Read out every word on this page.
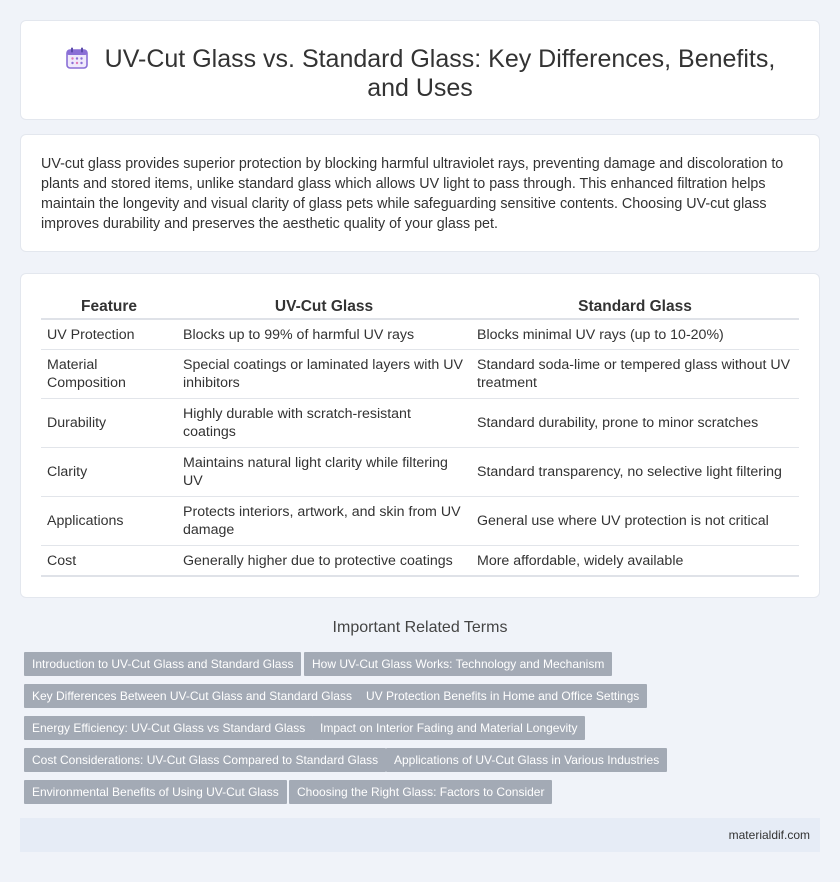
UV-Cut Glass vs. Standard Glass: Key Differences, Benefits, and Uses

UV-cut glass provides superior protection by blocking harmful ultraviolet rays, preventing damage and discoloration to plants and stored items, unlike standard glass which allows UV light to pass through. This enhanced filtration helps maintain the longevity and visual clarity of glass pets while safeguarding sensitive contents. Choosing UV-cut glass improves durability and preserves the aesthetic quality of your glass pet.

Feature	UV-Cut Glass	Standard Glass
UV Protection	Blocks up to 99% of harmful UV rays	Blocks minimal UV rays (up to 10-20%)
Material Composition	Special coatings or laminated layers with UV inhibitors	Standard soda-lime or tempered glass without UV treatment
Durability	Highly durable with scratch-resistant coatings	Standard durability, prone to minor scratches
Clarity	Maintains natural light clarity while filtering UV	Standard transparency, no selective light filtering
Applications	Protects interiors, artwork, and skin from UV damage	General use where UV protection is not critical
Cost	Generally higher due to protective coatings	More affordable, widely available
Important Related Terms
Introduction to UV-Cut Glass and Standard Glass	How UV-Cut Glass Works: Technology and Mechanism
Key Differences Between UV-Cut Glass and Standard Glass	UV Protection Benefits in Home and Office Settings
Energy Efficiency: UV-Cut Glass vs Standard Glass	Impact on Interior Fading and Material Longevity
Cost Considerations: UV-Cut Glass Compared to Standard Glass	Applications of UV-Cut Glass in Various Industries
Environmental Benefits of Using UV-Cut Glass	Choosing the Right Glass: Factors to Consider
materialdif.com
